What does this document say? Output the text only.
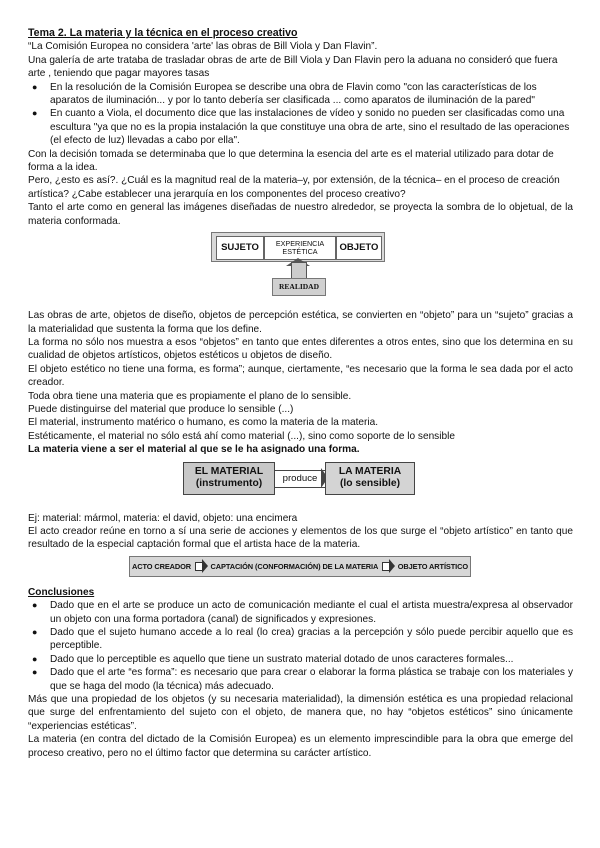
Tema 2. La materia y la técnica en el proceso creativo

“La Comisión Europea no considera 'arte' las obras de Bill Viola y Dan Flavin”.

Una galería de arte trataba de trasladar obras de arte de Bill Viola y Dan Flavin pero la aduana no consideró que fuera arte , teniendo que pagar mayores tasas

● En la resolución de la Comisión Europea se describe una obra de Flavin como "con las características de los aparatos de iluminación... y por lo tanto debería ser clasificada ... como aparatos de iluminación de la pared"
● En cuanto a Viola, el documento dice que las instalaciones de vídeo y sonido no pueden ser clasificadas como una escultura "ya que no es la propia instalación la que constituye una obra de arte, sino el resultado de las operaciones (el efecto de luz) llevadas a cabo por ella".

Con la decisión tomada se determinaba que lo que determina la esencia del arte es el material utilizado para dotar de forma a la idea.

Pero, ¿esto es así?. ¿Cuál es la magnitud real de la materia–y, por extensión, de la técnica– en el proceso de creación artística? ¿Cabe establecer una jerarquía en los componentes del proceso creativo?

Tanto el arte como en general las imágenes diseñadas de nuestro alrededor, se proyecta la sombra de lo objetual, de la materia conformada.

SUJETO	EXPERIENCIA
ESTÉTICA	OBJETO
REALIDAD

Las obras de arte, objetos de diseño, objetos de percepción estética, se convierten en “objeto” para un “sujeto” gracias a la materialidad que sustenta la forma que los define.

La forma no sólo nos muestra a esos “objetos” en tanto que entes diferentes a otros entes, sino que los determina en su cualidad de objetos artísticos, objetos estéticos u objetos de diseño.

El objeto estético no tiene una forma, es forma”; aunque, ciertamente, “es necesario que la forma le sea dada por el acto creador.

Toda obra tiene una materia que es propiamente el plano de lo sensible.

Puede distinguirse del material que produce lo sensible (...)

El material, instrumento matérico o humano, es como la materia de la materia.

Estéticamente, el material no sólo está ahí como material (...), sino como soporte de lo sensible

La materia viene a ser el material al que se le ha asignado una forma.

EL MATERIAL
(instrumento)	produce
LA MATERIA
(lo sensible)

Ej: material: mármol, materia: el david, objeto: una encimera

El acto creador reúne en torno a sí una serie de acciones y elementos de los que surge el “objeto artístico” en tanto que resultado de la especial captación formal que el artista hace de la materia.

ACTO CREADOR	CAPTACIÓN (CONFORMACIÓN) DE LA MATERIA	OBJETO ARTÍSTICO

Conclusiones

● Dado que en el arte se produce un acto de comunicación mediante el cual el artista muestra/expresa al observador un objeto con una forma portadora (canal) de significados y expresiones.
● Dado que el sujeto humano accede a lo real (lo crea) gracias a la percepción y sólo puede percibir aquello que es perceptible.
● Dado que lo perceptible es aquello que tiene un sustrato material dotado de unos caracteres formales...
● Dado que el arte “es forma”: es necesario que para crear o elaborar la forma plástica se trabaje con los materiales y que se haga del modo (la técnica) más adecuado.

Más que una propiedad de los objetos (y su necesaria materialidad), la dimensión estética es una propiedad relacional que surge del enfrentamiento del sujeto con el objeto, de manera que, no hay “objetos estéticos” sino únicamente “experiencias estéticas”.

La materia (en contra del dictado de la Comisión Europea) es un elemento imprescindible para la obra que emerge del proceso creativo, pero no el último factor que determina su carácter artístico.
